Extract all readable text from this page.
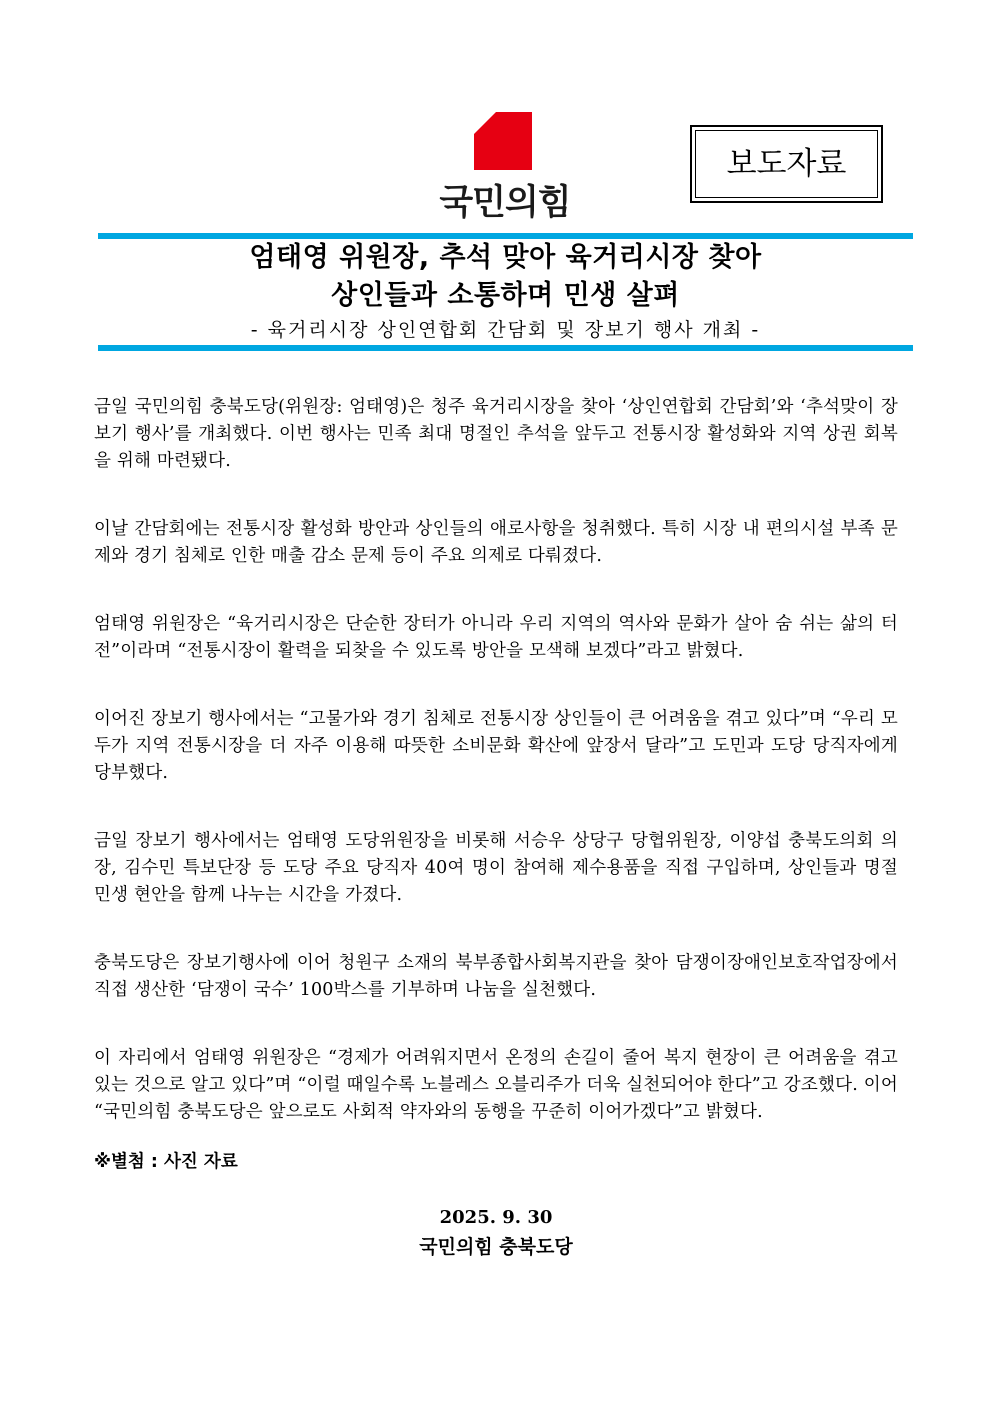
국민의힘
보도자료
엄태영 위원장, 추석 맞아 육거리시장 찾아
상인들과 소통하며 민생 살펴
- 육거리시장 상인연합회 간담회 및 장보기 행사 개최 -

금일 국민의힘 충북도당(위원장: 엄태영)은 청주 육거리시장을 찾아 ‘상인연합회 간담회’와 ‘추석맞이 장보기 행사’를 개최했다. 이번 행사는 민족 최대 명절인 추석을 앞두고 전통시장 활성화와 지역 상권 회복을 위해 마련됐다.

이날 간담회에는 전통시장 활성화 방안과 상인들의 애로사항을 청취했다. 특히 시장 내 편의시설 부족 문제와 경기 침체로 인한 매출 감소 문제 등이 주요 의제로 다뤄졌다.

엄태영 위원장은 “육거리시장은 단순한 장터가 아니라 우리 지역의 역사와 문화가 살아 숨 쉬는 삶의 터전”이라며 “전통시장이 활력을 되찾을 수 있도록 방안을 모색해 보겠다”라고 밝혔다.

이어진 장보기 행사에서는 “고물가와 경기 침체로 전통시장 상인들이 큰 어려움을 겪고 있다”며 “우리 모두가 지역 전통시장을 더 자주 이용해 따뜻한 소비문화 확산에 앞장서 달라”고 도민과 도당 당직자에게 당부했다.

금일 장보기 행사에서는 엄태영 도당위원장을 비롯해 서승우 상당구 당협위원장, 이양섭 충북도의회 의장, 김수민 특보단장 등 도당 주요 당직자 40여 명이 참여해 제수용품을 직접 구입하며, 상인들과 명절 민생 현안을 함께 나누는 시간을 가졌다.

충북도당은 장보기행사에 이어 청원구 소재의 북부종합사회복지관을 찾아 담쟁이장애인보호작업장에서 직접 생산한 ‘담쟁이 국수’ 100박스를 기부하며 나눔을 실천했다.

이 자리에서 엄태영 위원장은 “경제가 어려워지면서 온정의 손길이 줄어 복지 현장이 큰 어려움을 겪고 있는 것으로 알고 있다”며 “이럴 때일수록 노블레스 오블리주가 더욱 실천되어야 한다”고 강조했다. 이어 “국민의힘 충북도당은 앞으로도 사회적 약자와의 동행을 꾸준히 이어가겠다”고 밝혔다.

※별첨 : 사진 자료
2025. 9. 30
국민의힘 충북도당
